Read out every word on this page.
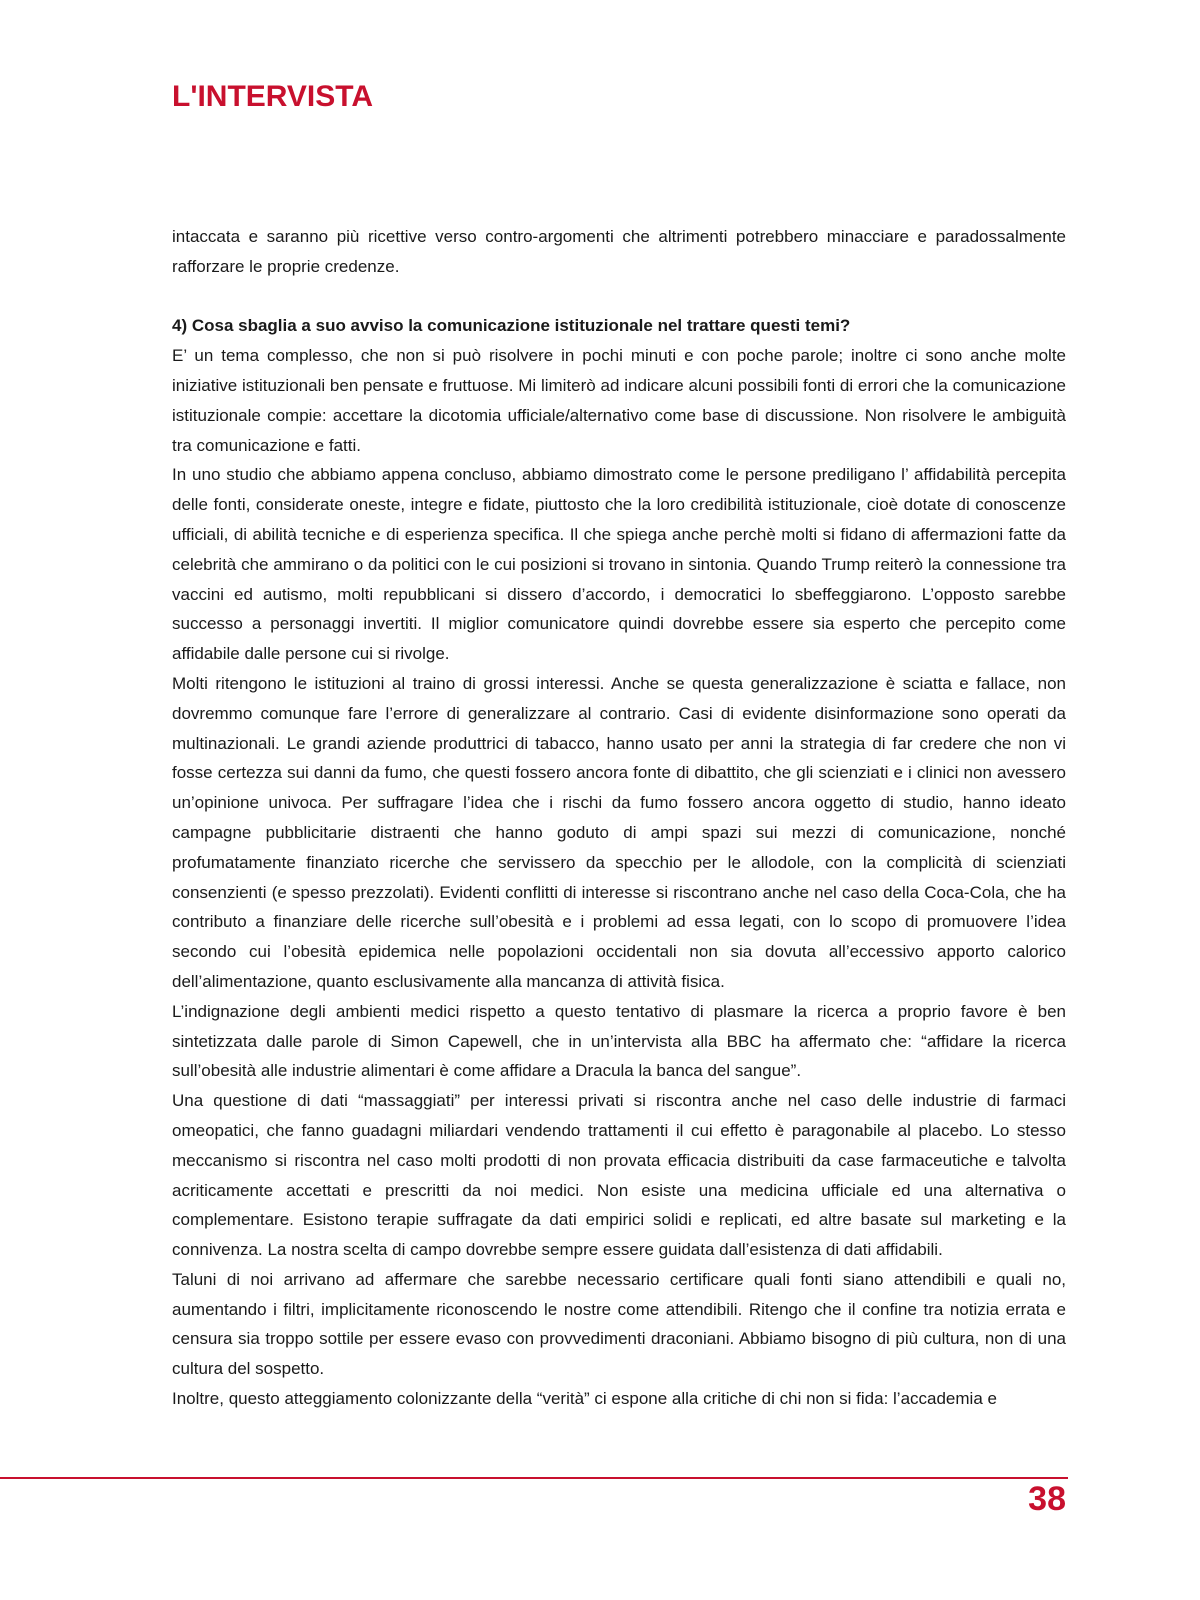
L'INTERVISTA

intaccata e saranno più ricettive verso contro-argomenti che altrimenti potrebbero minacciare e paradossalmente rafforzare le proprie credenze.

4) Cosa sbaglia a suo avviso la comunicazione istituzionale nel trattare questi temi?

E’ un tema complesso, che non si può risolvere in pochi minuti e con poche parole; inoltre ci sono anche molte iniziative istituzionali ben pensate e fruttuose. Mi limiterò ad indicare alcuni possibili fonti di errori che la comunicazione istituzionale compie: accettare la dicotomia ufficiale/alternativo come base di discussione. Non risolvere le ambiguità tra comunicazione e fatti.

In uno studio che abbiamo appena concluso, abbiamo dimostrato come le persone prediligano l’ affidabilità percepita delle fonti, considerate oneste, integre e fidate, piuttosto che la loro credibilità istituzionale, cioè dotate di conoscenze ufficiali, di abilità tecniche e di esperienza specifica. Il che spiega anche perchè molti si fidano di affermazioni fatte da celebrità che ammirano o da politici con le cui posizioni si trovano in sintonia. Quando Trump reiterò la connessione tra vaccini ed autismo, molti repubblicani si dissero d’accordo, i democratici lo sbeffeggiarono. L’opposto sarebbe successo a personaggi invertiti. Il miglior comunicatore quindi dovrebbe essere sia esperto che percepito come affidabile dalle persone cui si rivolge.

Molti ritengono le istituzioni al traino di grossi interessi. Anche se questa generalizzazione è sciatta e fallace, non dovremmo comunque fare l’errore di generalizzare al contrario. Casi di evidente disinformazione sono operati da multinazionali. Le grandi aziende produttrici di tabacco, hanno usato per anni la strategia di far credere che non vi fosse certezza sui danni da fumo, che questi fossero ancora fonte di dibattito, che gli scienziati e i clinici non avessero un’opinione univoca. Per suffragare l’idea che i rischi da fumo fossero ancora oggetto di studio, hanno ideato campagne pubblicitarie distraenti che hanno goduto di ampi spazi sui mezzi di comunicazione, nonché profumatamente finanziato ricerche che servissero da specchio per le allodole, con la complicità di scienziati consenzienti (e spesso prezzolati). Evidenti conflitti di interesse si riscontrano anche nel caso della Coca-Cola, che ha contributo a finanziare delle ricerche sull’obesità e i problemi ad essa legati, con lo scopo di promuovere l’idea secondo cui l’obesità epidemica nelle popolazioni occidentali non sia dovuta all’eccessivo apporto calorico dell’alimentazione, quanto esclusivamente alla mancanza di attività fisica.

L’indignazione degli ambienti medici rispetto a questo tentativo di plasmare la ricerca a proprio favore è ben sintetizzata dalle parole di Simon Capewell, che in un’intervista alla BBC ha affermato che: “affidare la ricerca sull’obesità alle industrie alimentari è come affidare a Dracula la banca del sangue”.

Una questione di dati “massaggiati” per interessi privati si riscontra anche nel caso delle industrie di farmaci omeopatici, che fanno guadagni miliardari vendendo trattamenti il cui effetto è paragonabile al placebo. Lo stesso meccanismo si riscontra nel caso molti prodotti di non provata efficacia distribuiti da case farmaceutiche e talvolta acriticamente accettati e prescritti da noi medici. Non esiste una medicina ufficiale ed una alternativa o complementare. Esistono terapie suffragate da dati empirici solidi e replicati, ed altre basate sul marketing e la connivenza. La nostra scelta di campo dovrebbe sempre essere guidata dall’esistenza di dati affidabili.

Taluni di noi arrivano ad affermare che sarebbe necessario certificare quali fonti siano attendibili e quali no, aumentando i filtri, implicitamente riconoscendo le nostre come attendibili. Ritengo che il confine tra notizia errata e censura sia troppo sottile per essere evaso con provvedimenti draconiani. Abbiamo bisogno di più cultura, non di una cultura del sospetto.

Inoltre, questo atteggiamento colonizzante della “verità” ci espone alla critiche di chi non si fida: l’accademia e

38
